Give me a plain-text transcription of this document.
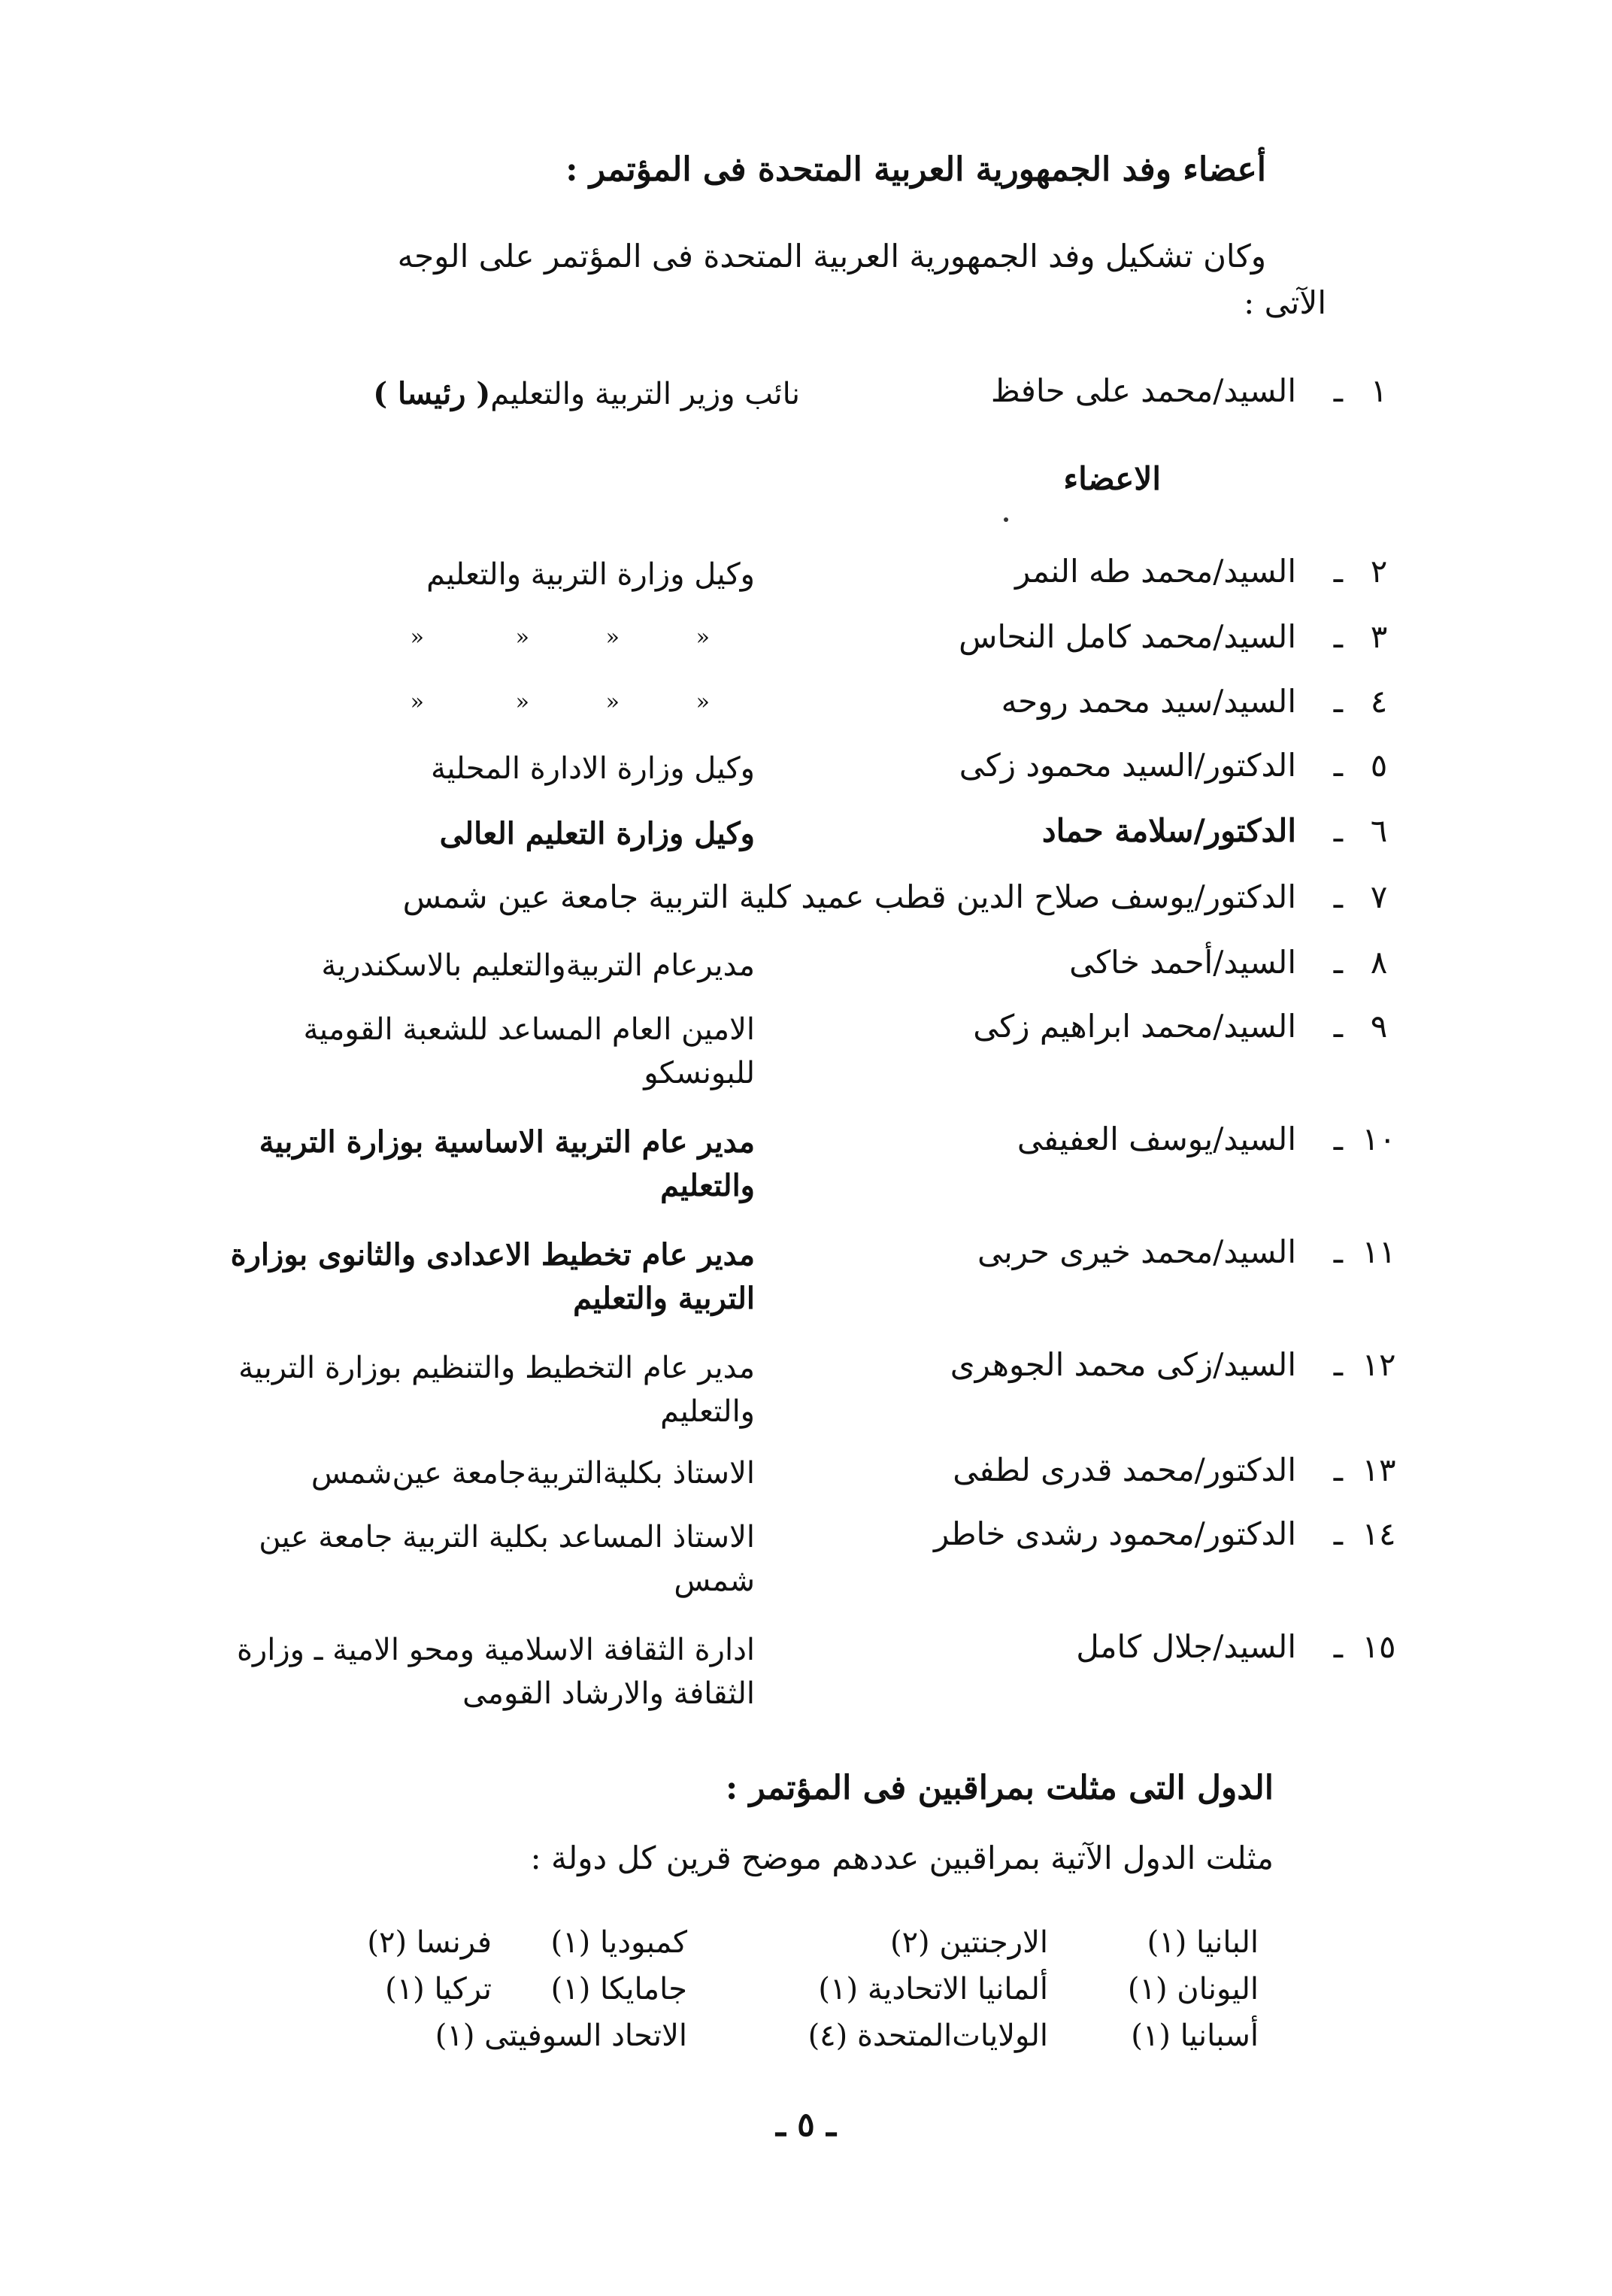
أعضاء وفد الجمهورية العربية المتحدة فى المؤتمر :
وكان تشكيل وفد الجمهورية العربية المتحدة فى المؤتمر على الوجه
الآتى :
١
ـ
السيد/محمد على حافظ
نائب وزير التربية والتعليم( رئيسا )
الاعضاء
٢
ـ
السيد/محمد طه النمر
وكيل وزارة التربية والتعليم
٣
ـ
السيد/محمد كامل النحاس
«
«
«
«
٤
ـ
السيد/سيد محمد روحه
«
«
«
«
٥
ـ
الدكتور/السيد محمود زكى
وكيل وزارة الادارة المحلية
٦
ـ
الدكتور/سلامة حماد
وكيل وزارة التعليم العالى
٧
ـ
الدكتور/يوسف صلاح الدين قطب عميد كلية التربية جامعة عين شمس
٨
ـ
السيد/أحمد خاكى
مديرعام التربيةوالتعليم بالاسكندرية
٩
ـ
السيد/محمد ابراهيم زكى
الامين العام المساعد للشعبة القومية للبونسكو
١٠
ـ
السيد/يوسف العفيفى
مدير عام التربية الاساسية بوزارة التربية والتعليم
١١
ـ
السيد/محمد خيرى حربى
مدير عام تخطيط الاعدادى والثانوى بوزارة التربية والتعليم
١٢
ـ
السيد/زكى محمد الجوهرى
مدير عام التخطيط والتنظيم بوزارة التربية والتعليم
١٣
ـ
الدكتور/محمد قدرى لطفى
الاستاذ بكليةالتربيةجامعة عين‌شمس
١٤
ـ
الدكتور/محمود رشدى خاطر
الاستاذ المساعد بكلية التربية جامعة عين شمس
١٥
ـ
السيد/جلال كامل
ادارة الثقافة الاسلامية ومحو الامية ـ وزارة الثقافة والارشاد القومى
الدول التى مثلت بمراقبين فى المؤتمر :
مثلت الدول الآتية بمراقبين عددهم موضح قرين كل دولة :
البانيا (١)
الارجنتين (٢)
كمبوديا (١)
فرنسا (٢)
اليونان (١)
ألمانيا الاتحادية (١)
جامايكا (١)
تركيا (١)
أسبانيا (١)
الولايات‌المتحدة (٤)
الاتحاد السوفيتى (١)
ـ ٥ ـ
